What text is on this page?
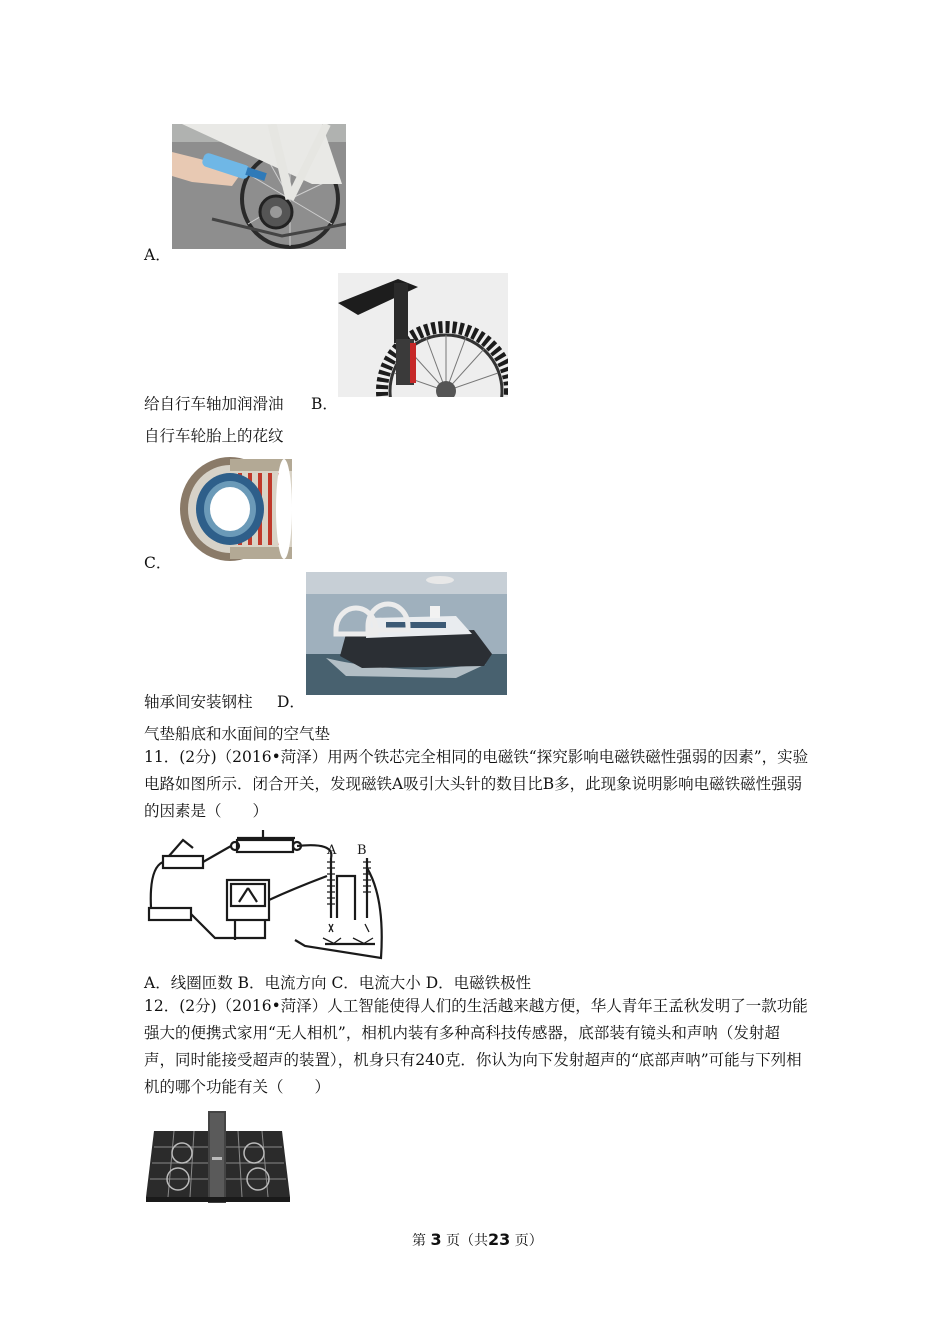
A．
给自行车轴加润滑油 B．
自行车轮胎上的花纹
C．
轴承间安装钢柱 D．
气垫船底和水面间的空气垫
11．(2分)（2016•菏泽）用两个铁芯完全相同的电磁铁“探究影响电磁铁磁性强弱的因素”，实验电路如图所示．闭合开关，发现磁铁A吸引大头针的数目比B多，此现象说明影响电磁铁磁性强弱的因素是（　　）
A B
A．线圈匝数 B．电流方向 C．电流大小 D．电磁铁极性
12．(2分)（2016•菏泽）人工智能使得人们的生活越来越方便，华人青年王孟秋发明了一款功能强大的便携式家用“无人相机”，相机内装有多种高科技传感器，底部装有镜头和声呐（发射超声，同时能接受超声的装置），机身只有240克．你认为向下发射超声的“底部声呐”可能与下列相机的哪个功能有关（　　）
第 3 页（共23 页）
